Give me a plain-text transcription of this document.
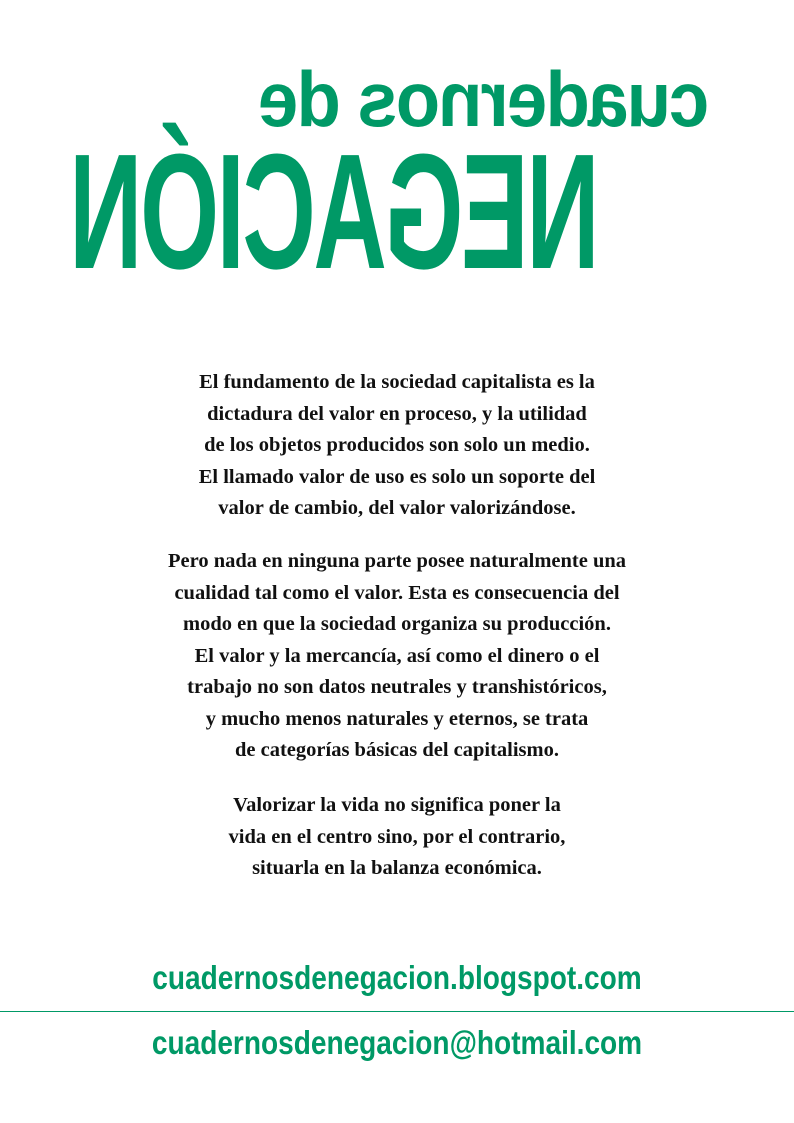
cuadernos de
NEGACIÓN
El fundamento de la sociedad capitalista es la
dictadura del valor en proceso, y la utilidad
de los objetos producidos son solo un medio.
El llamado valor de uso es solo un soporte del
valor de cambio, del valor valorizándose.
Pero nada en ninguna parte posee naturalmente una
cualidad tal como el valor. Esta es consecuencia del
modo en que la sociedad organiza su producción.
El valor y la mercancía, así como el dinero o el
trabajo no son datos neutrales y transhistóricos,
y mucho menos naturales y eternos, se trata
de categorías básicas del capitalismo.
Valorizar la vida no significa poner la
vida en el centro sino, por el contrario,
situarla en la balanza económica.
cuadernosdenegacion.blogspot.com
cuadernosdenegacion@hotmail.com
